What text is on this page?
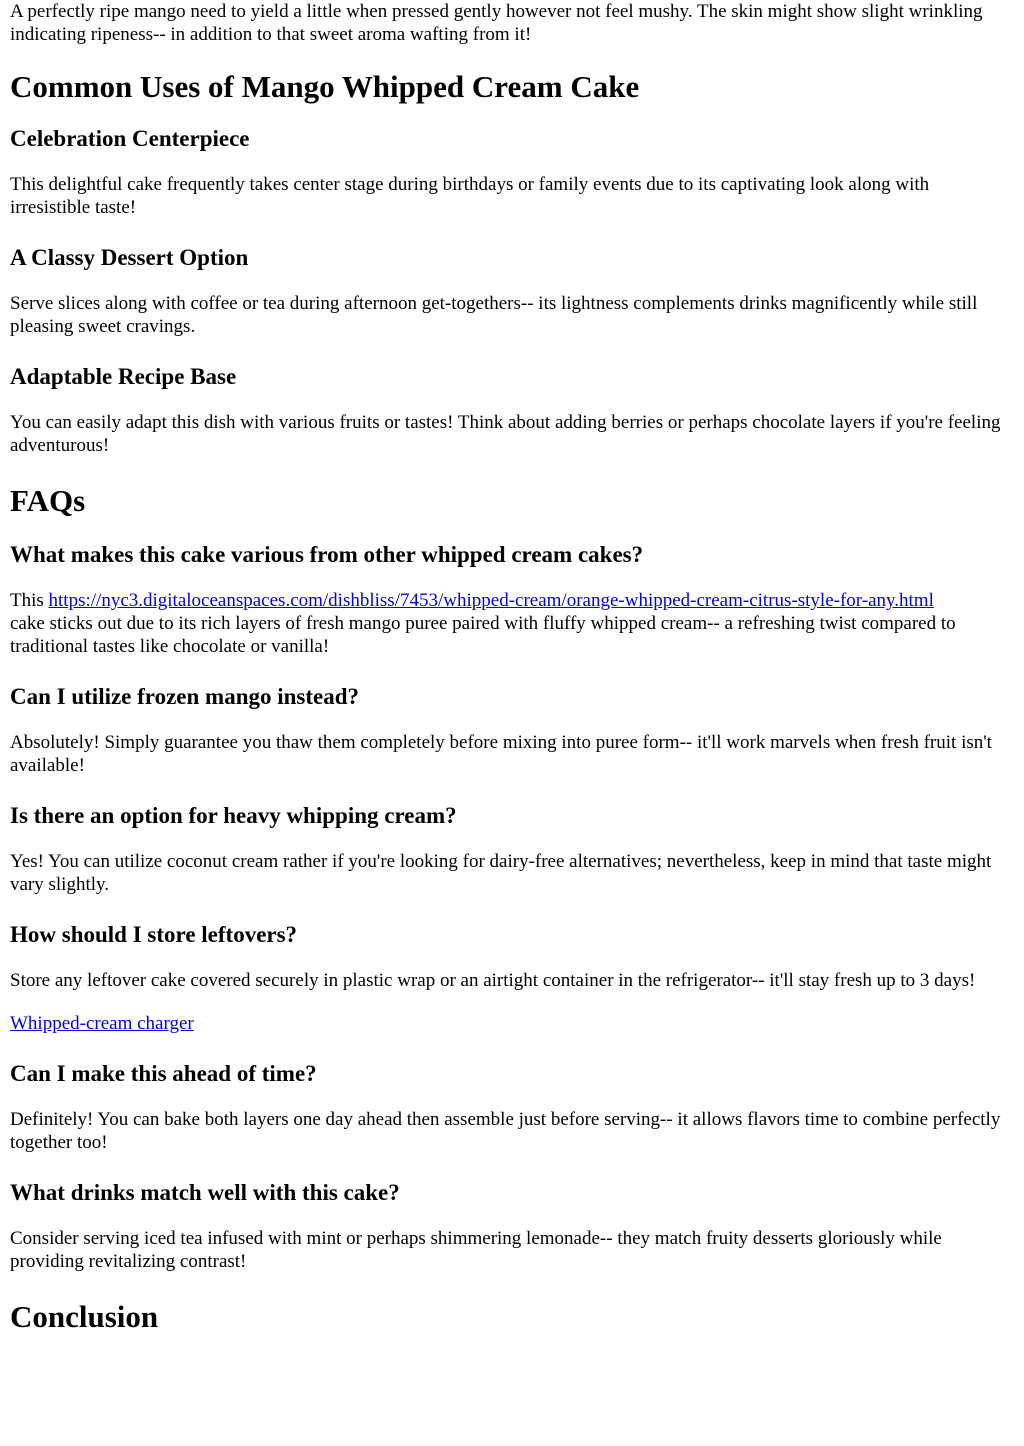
A perfectly ripe mango need to yield a little when pressed gently however not feel mushy. The skin might show slight wrinkling indicating ripeness-- in addition to that sweet aroma wafting from it!

Common Uses of Mango Whipped Cream Cake
Celebration Centerpiece

This delightful cake frequently takes center stage during birthdays or family events due to its captivating look along with irresistible taste!

A Classy Dessert Option

Serve slices along with coffee or tea during afternoon get-togethers-- its lightness complements drinks magnificently while still pleasing sweet cravings.

Adaptable Recipe Base

You can easily adapt this dish with various fruits or tastes! Think about adding berries or perhaps chocolate layers if you're feeling adventurous!

FAQs
What makes this cake various from other whipped cream cakes?

This https://nyc3.digitaloceanspaces.com/dishbliss/7453/whipped-cream/orange-whipped-cream-citrus-style-for-any.html
cake sticks out due to its rich layers of fresh mango puree paired with fluffy whipped cream-- a refreshing twist compared to traditional tastes like chocolate or vanilla!

Can I utilize frozen mango instead?

Absolutely! Simply guarantee you thaw them completely before mixing into puree form-- it'll work marvels when fresh fruit isn't available!

Is there an option for heavy whipping cream?

Yes! You can utilize coconut cream rather if you're looking for dairy-free alternatives; nevertheless, keep in mind that taste might vary slightly.

How should I store leftovers?

Store any leftover cake covered securely in plastic wrap or an airtight container in the refrigerator-- it'll stay fresh up to 3 days!

Whipped-cream charger

Can I make this ahead of time?

Definitely! You can bake both layers one day ahead then assemble just before serving-- it allows flavors time to combine perfectly together too!

What drinks match well with this cake?

Consider serving iced tea infused with mint or perhaps shimmering lemonade-- they match fruity desserts gloriously while providing revitalizing contrast!

Conclusion
